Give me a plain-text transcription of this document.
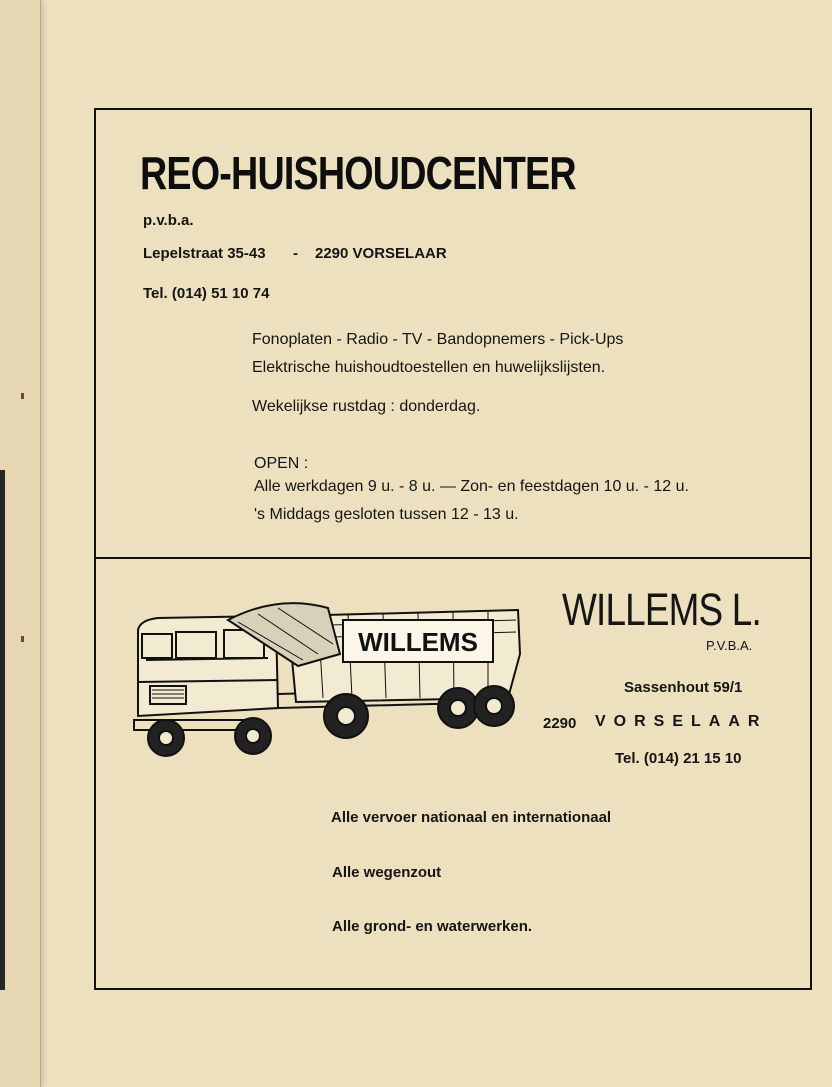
REO-HUISHOUDCENTER
p.v.b.a.
Lepelstraat 35-43 - 2290 VORSELAAR
Tel. (014) 51 10 74
Fonoplaten - Radio - TV - Bandopnemers - Pick-Ups
Elektrische huishoudtoestellen en huwelijkslijsten.
Wekelijkse rustdag : donderdag.
OPEN :
Alle werkdagen 9 u. - 8 u. — Zon- en feestdagen 10 u. - 12 u.
's Middags gesloten tussen 12 - 13 u.
WILLEMS
WILLEMS L.
P.V.B.A.
Sassenhout 59/1
2290 VORSELAAR
Tel. (014) 21 15 10
Alle vervoer nationaal en internationaal
Alle wegenzout
Alle grond- en waterwerken.
